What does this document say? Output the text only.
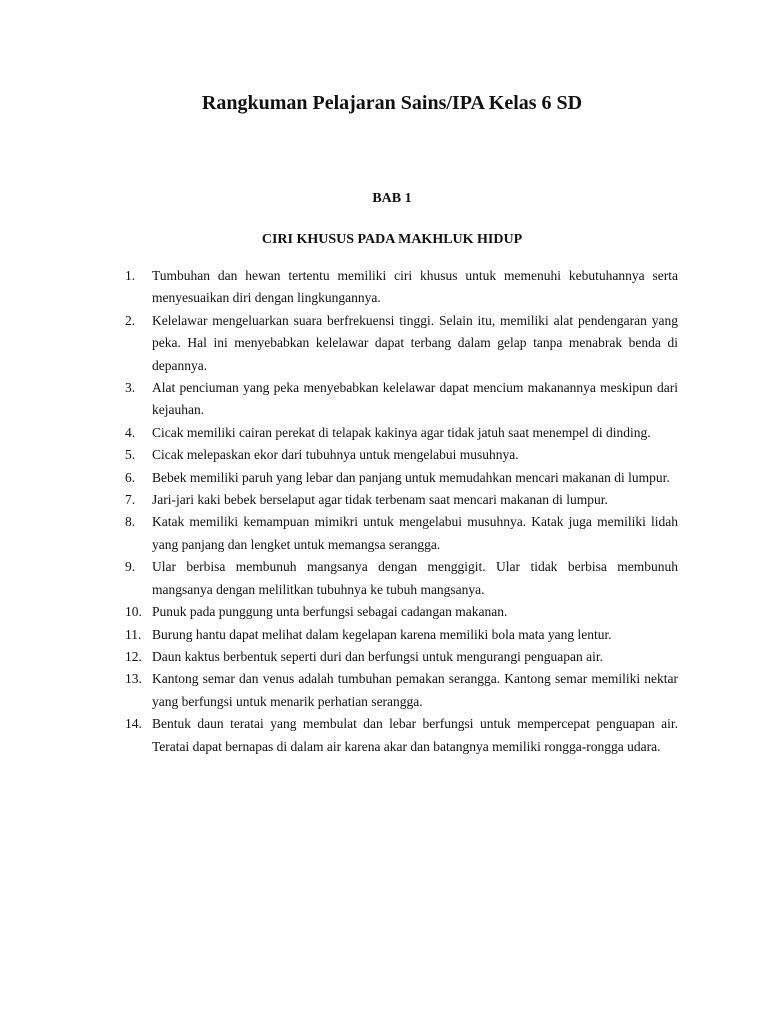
Rangkuman Pelajaran Sains/IPA Kelas 6 SD
BAB 1
CIRI KHUSUS PADA MAKHLUK HIDUP
1. Tumbuhan dan hewan tertentu memiliki ciri khusus untuk memenuhi kebutuhannya serta menyesuaikan diri dengan lingkungannya.
2. Kelelawar mengeluarkan suara berfrekuensi tinggi. Selain itu, memiliki alat pendengaran yang peka. Hal ini menyebabkan kelelawar dapat terbang dalam gelap tanpa menabrak benda di depannya.
3. Alat penciuman yang peka menyebabkan kelelawar dapat mencium makanannya meskipun dari kejauhan.
4. Cicak memiliki cairan perekat di telapak kakinya agar tidak jatuh saat menempel di dinding.
5. Cicak melepaskan ekor dari tubuhnya untuk mengelabui musuhnya.
6. Bebek memiliki paruh yang lebar dan panjang untuk memudahkan mencari makanan di lumpur.
7. Jari-jari kaki bebek berselaput agar tidak terbenam saat mencari makanan di lumpur.
8. Katak memiliki kemampuan mimikri untuk mengelabui musuhnya. Katak juga memiliki lidah yang panjang dan lengket untuk memangsa serangga.
9. Ular berbisa membunuh mangsanya dengan menggigit. Ular tidak berbisa membunuh mangsanya dengan melilitkan tubuhnya ke tubuh mangsanya.
10. Punuk pada punggung unta berfungsi sebagai cadangan makanan.
11. Burung hantu dapat melihat dalam kegelapan karena memiliki bola mata yang lentur.
12. Daun kaktus berbentuk seperti duri dan berfungsi untuk mengurangi penguapan air.
13. Kantong semar dan venus adalah tumbuhan pemakan serangga. Kantong semar memiliki nektar yang berfungsi untuk menarik perhatian serangga.
14. Bentuk daun teratai yang membulat dan lebar berfungsi untuk mempercepat penguapan air. Teratai dapat bernapas di dalam air karena akar dan batangnya memiliki rongga-rongga udara.
